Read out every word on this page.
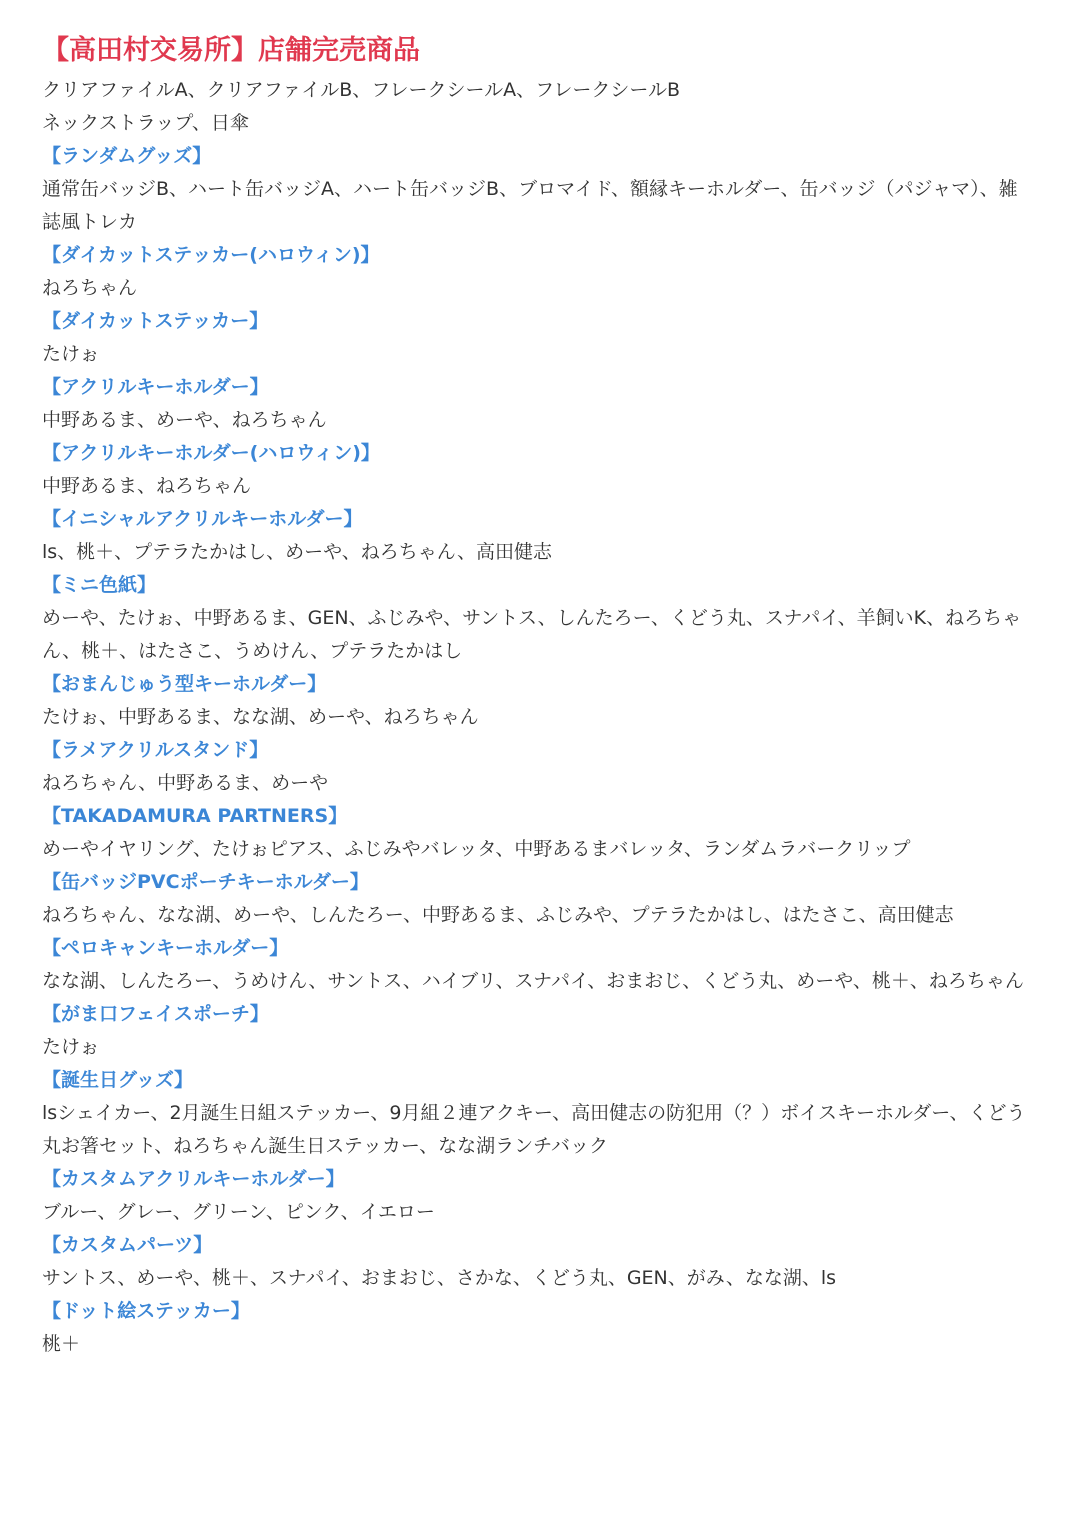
【高田村交易所】店舗完売商品
クリアファイルA、クリアファイルB、フレークシールA、フレークシールB
ネックストラップ、日傘
【ランダムグッズ】
通常缶バッジB、ハート缶バッジA、ハート缶バッジB、ブロマイド、額縁キーホルダー、缶バッジ（パジャマ）、雑誌風トレカ
【ダイカットステッカー(ハロウィン)】
ねろちゃん
【ダイカットステッカー】
たけぉ
【アクリルキーホルダー】
中野あるま、めーや、ねろちゃん
【アクリルキーホルダー(ハロウィン)】
中野あるま、ねろちゃん
【イニシャルアクリルキーホルダー】
ls、桃＋、プテラたかはし、めーや、ねろちゃん、高田健志
【ミニ色紙】
めーや、たけぉ、中野あるま、GEN、ふじみや、サントス、しんたろー、くどう丸、スナパイ、羊飼いK、ねろちゃん、桃＋、はたさこ、うめけん、プテラたかはし
【おまんじゅう型キーホルダー】
たけぉ、中野あるま、なな湖、めーや、ねろちゃん
【ラメアクリルスタンド】
ねろちゃん、中野あるま、めーや
【TAKADAMURA PARTNERS】
めーやイヤリング、たけぉピアス、ふじみやバレッタ、中野あるまバレッタ、ランダムラバークリップ
【缶バッジPVCポーチキーホルダー】
ねろちゃん、なな湖、めーや、しんたろー、中野あるま、ふじみや、プテラたかはし、はたさこ、高田健志
【ペロキャンキーホルダー】
なな湖、しんたろー、うめけん、サントス、ハイブリ、スナパイ、おまおじ、くどう丸、めーや、桃＋、ねろちゃん
【がま口フェイスポーチ】
たけぉ
【誕生日グッズ】
lsシェイカー、2月誕生日組ステッカー、9月組２連アクキー、高田健志の防犯用（？）ボイスキーホルダー、くどう丸お箸セット、ねろちゃん誕生日ステッカー、なな湖ランチバック
【カスタムアクリルキーホルダー】
ブルー、グレー、グリーン、ピンク、イエロー
【カスタムパーツ】
サントス、めーや、桃＋、スナパイ、おまおじ、さかな、くどう丸、GEN、がみ、なな湖、ls
【ドット絵ステッカー】
桃＋
